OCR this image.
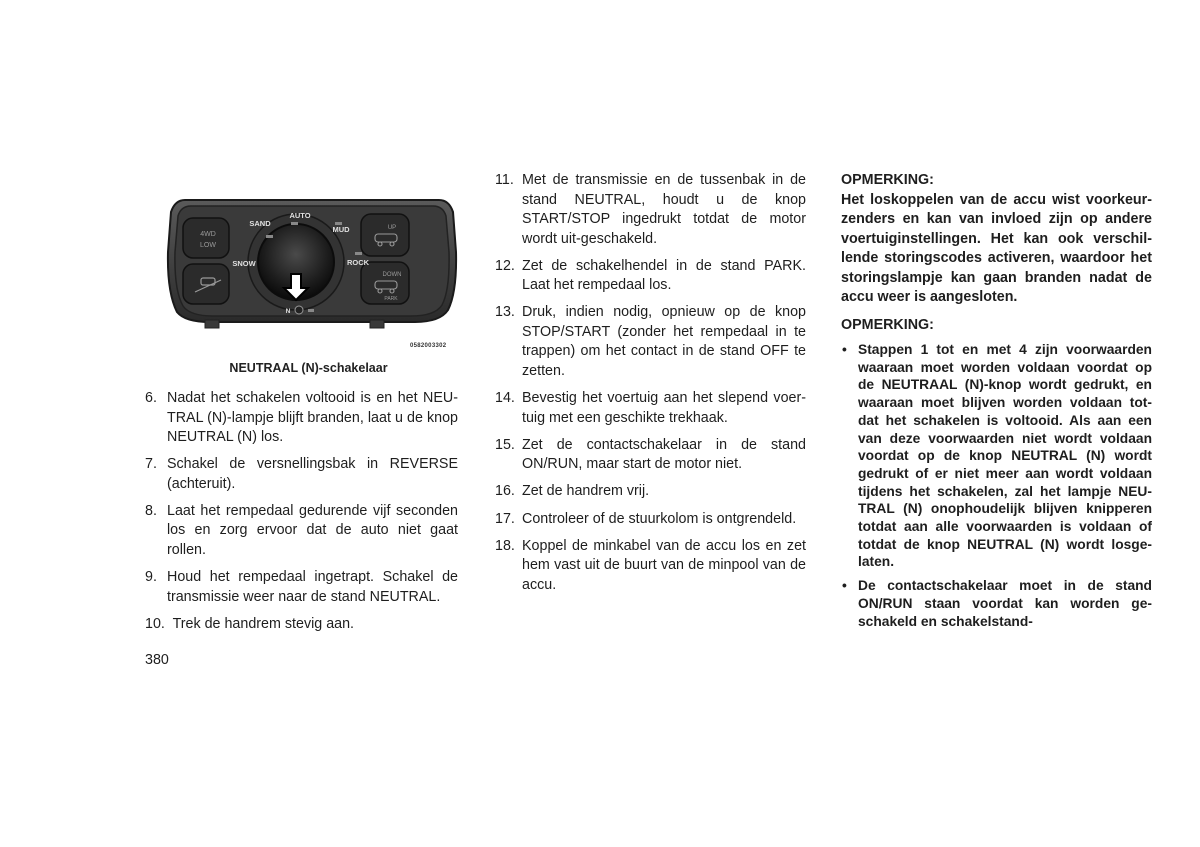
4WD
LOW
UP
DOWN
PARK
AUTO
SAND
MUD
SNOW	ROCK
N
0582003302
NEUTRAAL (N)-schakelaar
6. Nadat het schakelen voltooid is en het NEU-TRAL (N)-lampje blijft branden, laat u de knop NEUTRAL (N) los.
7. Schakel de versnellingsbak in REVERSE (achteruit).
8. Laat het rempedaal gedurende vijf seconden los en zorg ervoor dat de auto niet gaat rollen.
9. Houd het rempedaal ingetrapt. Schakel de transmissie weer naar de stand NEUTRAL.
10. Trek de handrem stevig aan.
380
11. Met de transmissie en de tussenbak in de stand NEUTRAL, houdt u de knop START/STOP ingedrukt totdat de motor wordt uit-geschakeld.
12. Zet de schakelhendel in de stand PARK. Laat het rempedaal los.
13. Druk, indien nodig, opnieuw op de knop STOP/START (zonder het rempedaal in te trappen) om het contact in de stand OFF te zetten.
14. Bevestig het voertuig aan het slepend voer-tuig met een geschikte trekhaak.
15. Zet de contactschakelaar in de stand ON/RUN, maar start de motor niet.
16. Zet de handrem vrij.
17. Controleer of de stuurkolom is ontgrendeld.
18. Koppel de minkabel van de accu los en zet hem vast uit de buurt van de minpool van de accu.
OPMERKING:

Het loskoppelen van de accu wist voorkeur-zenders en kan van invloed zijn op andere voertuiginstellingen. Het kan ook verschil-lende storingscodes activeren, waardoor het storingslampje kan gaan branden nadat de accu weer is aangesloten.

OPMERKING:
• Stappen 1 tot en met 4 zijn voorwaarden waaraan moet worden voldaan voordat op de NEUTRAAL (N)-knop wordt gedrukt, en waaraan moet blijven worden voldaan tot-dat het schakelen is voltooid. Als aan een van deze voorwaarden niet wordt voldaan voordat op de knop NEUTRAL (N) wordt gedrukt of er niet meer aan wordt voldaan tijdens het schakelen, zal het lampje NEU-TRAL (N) onophoudelijk blijven knipperen totdat aan alle voorwaarden is voldaan of totdat de knop NEUTRAL (N) wordt losge-laten.
• De contactschakelaar moet in de stand ON/RUN staan voordat kan worden ge-schakeld en schakelstand-
